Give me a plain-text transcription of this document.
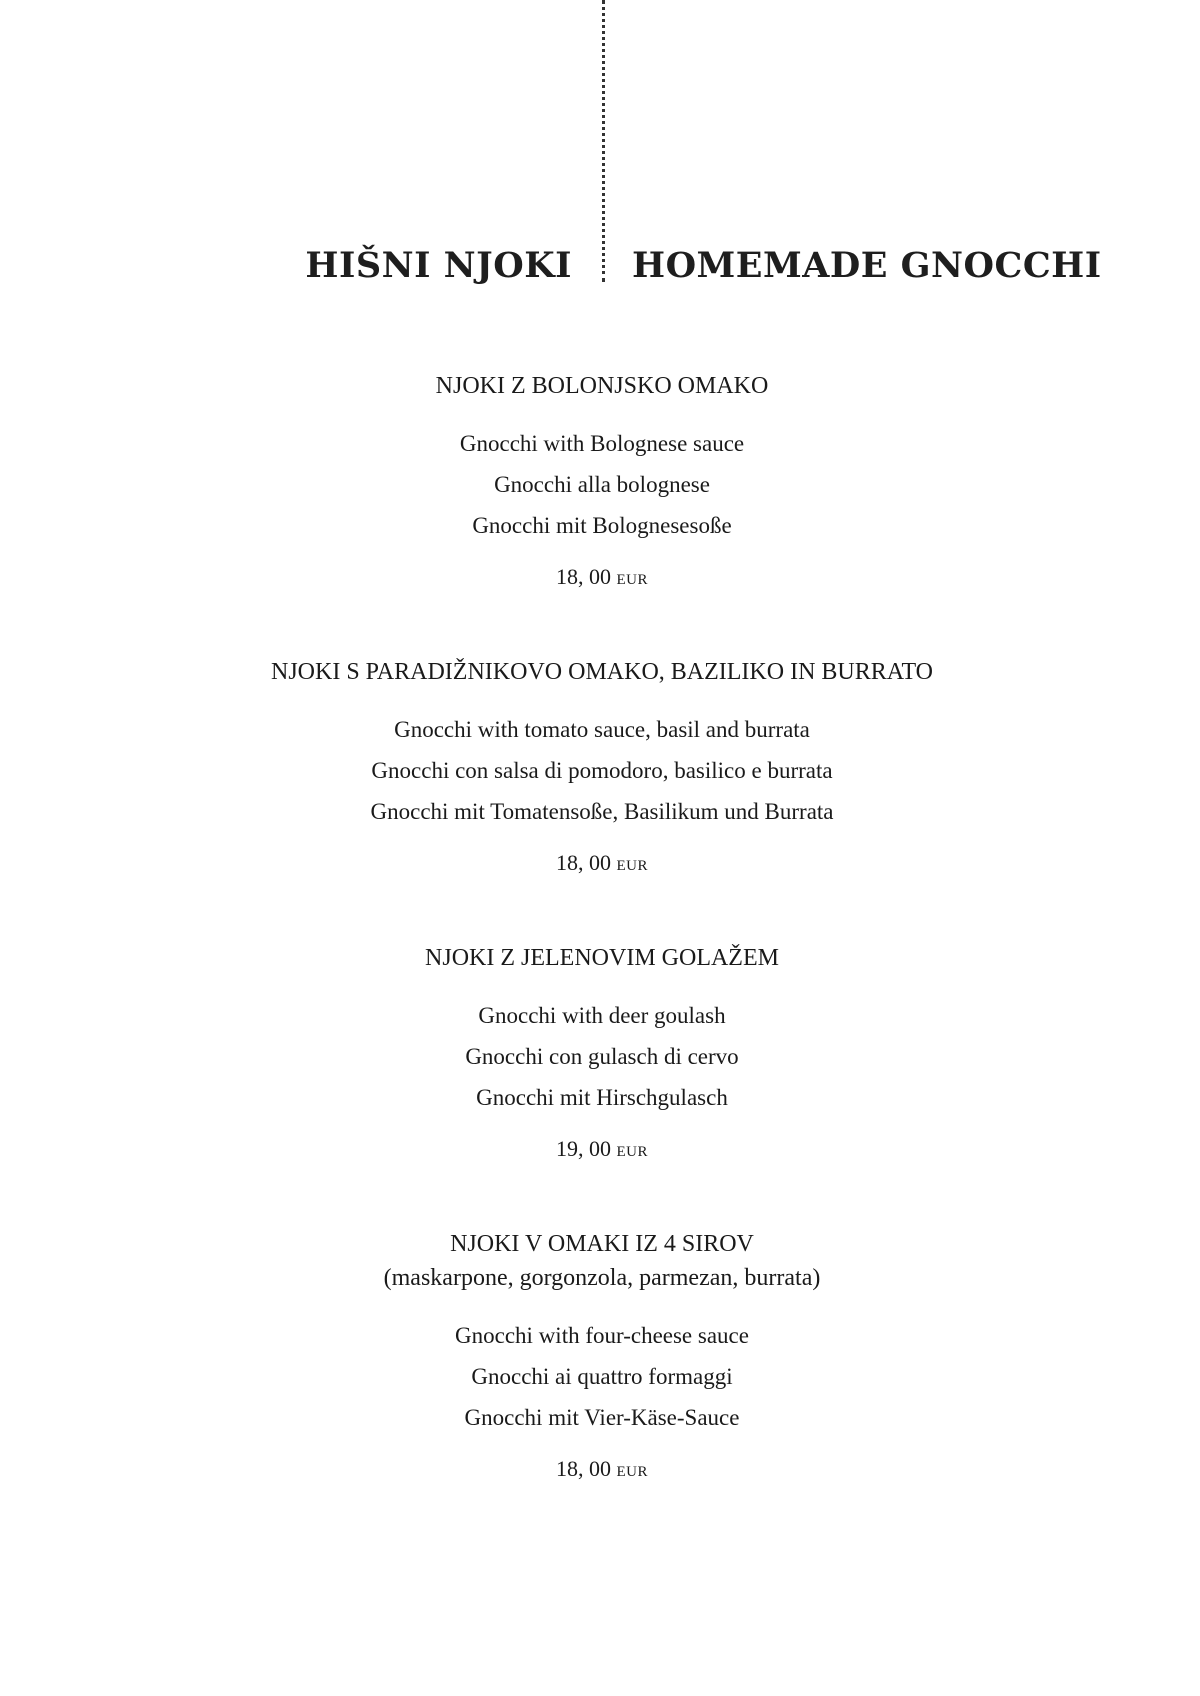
HIŠNI NJOKI HOMEMADE GNOCCHI
NJOKI Z BOLONJSKO OMAKO
Gnocchi with Bolognese sauce
Gnocchi alla bolognese
Gnocchi mit Bolognesesoße
18, 00 EUR
NJOKI S PARADIŽNIKOVO OMAKO, BAZILIKO IN BURRATO
Gnocchi with tomato sauce, basil and burrata
Gnocchi con salsa di pomodoro, basilico e burrata
Gnocchi mit Tomatensoße, Basilikum und Burrata
18, 00 EUR
NJOKI Z JELENOVIM GOLAŽEM
Gnocchi with deer goulash
Gnocchi con gulasch di cervo
Gnocchi mit Hirschgulasch
19, 00 EUR
NJOKI V OMAKI IZ 4 SIROV
(maskarpone, gorgonzola, parmezan, burrata)
Gnocchi with four-cheese sauce
Gnocchi ai quattro formaggi
Gnocchi mit Vier-Käse-Sauce
18, 00 EUR
